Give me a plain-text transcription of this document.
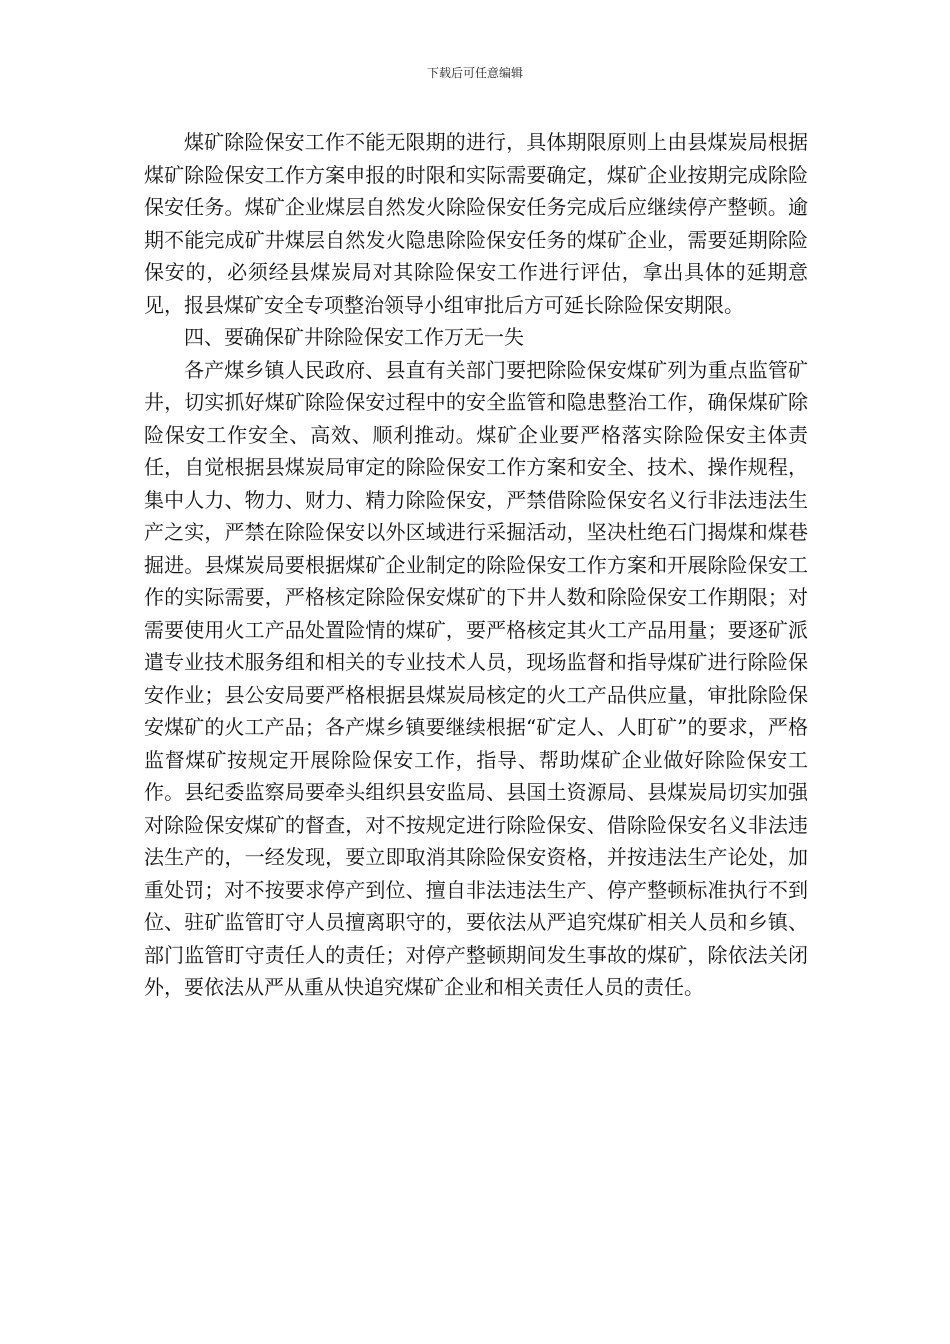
下载后可任意编辑

煤矿除险保安工作不能无限期的进行，具体期限原则上由县煤炭局根据煤矿除险保安工作方案申报的时限和实际需要确定，煤矿企业按期完成除险保安任务。煤矿企业煤层自然发火除险保安任务完成后应继续停产整顿。逾期不能完成矿井煤层自然发火隐患除险保安任务的煤矿企业，需要延期除险保安的，必须经县煤炭局对其除险保安工作进行评估，拿出具体的延期意见，报县煤矿安全专项整治领导小组审批后方可延长除险保安期限。

四、要确保矿井除险保安工作万无一失

各产煤乡镇人民政府、县直有关部门要把除险保安煤矿列为重点监管矿井，切实抓好煤矿除险保安过程中的安全监管和隐患整治工作，确保煤矿除险保安工作安全、高效、顺利推动。煤矿企业要严格落实除险保安主体责任，自觉根据县煤炭局审定的除险保安工作方案和安全、技术、操作规程，集中人力、物力、财力、精力除险保安，严禁借除险保安名义行非法违法生产之实，严禁在除险保安以外区域进行采掘活动，坚决杜绝石门揭煤和煤巷掘进。县煤炭局要根据煤矿企业制定的除险保安工作方案和开展除险保安工作的实际需要，严格核定除险保安煤矿的下井人数和除险保安工作期限；对需要使用火工产品处置险情的煤矿，要严格核定其火工产品用量；要逐矿派遣专业技术服务组和相关的专业技术人员，现场监督和指导煤矿进行除险保安作业；县公安局要严格根据县煤炭局核定的火工产品供应量，审批除险保安煤矿的火工产品；各产煤乡镇要继续根据“矿定人、人盯矿”的要求，严格监督煤矿按规定开展除险保安工作，指导、帮助煤矿企业做好除险保安工作。县纪委监察局要牵头组织县安监局、县国土资源局、县煤炭局切实加强对除险保安煤矿的督查，对不按规定进行除险保安、借除险保安名义非法违法生产的，一经发现，要立即取消其除险保安资格，并按违法生产论处，加重处罚；对不按要求停产到位、擅自非法违法生产、停产整顿标准执行不到位、驻矿监管盯守人员擅离职守的，要依法从严追究煤矿相关人员和乡镇、部门监管盯守责任人的责任；对停产整顿期间发生事故的煤矿，除依法关闭外，要依法从严从重从快追究煤矿企业和相关责任人员的责任。
